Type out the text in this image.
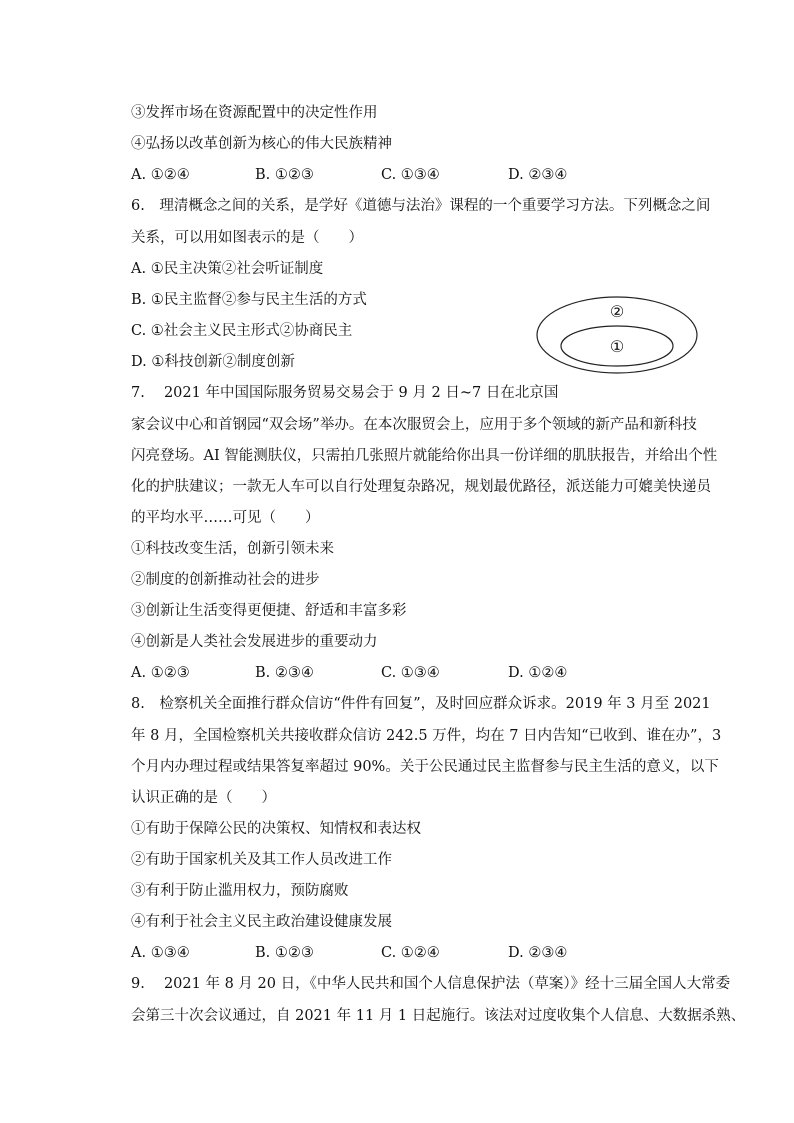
③发挥市场在资源配置中的决定性作用
④弘扬以改革创新为核心的伟大民族精神
A. ①②④	B. ①②③	C. ①③④	D. ②③④
6. 理清概念之间的关系，是学好《道德与法治》课程的一个重要学习方法。下列概念之间
关系，可以用如图表示的是（  ）
A. ①民主决策②社会听证制度
B. ①民主监督②参与民主生活的方式
C. ①社会主义民主形式②协商民主
D. ①科技创新②制度创新
②
①
7.  2021 年中国国际服务贸易交易会于 9 月 2 日~7 日在北京国
家会议中心和首钢园“双会场”举办。在本次服贸会上，应用于多个领域的新产品和新科技
闪亮登场。AI 智能测肤仪，只需拍几张照片就能给你出具一份详细的肌肤报告，并给出个性
化的护肤建议；一款无人车可以自行处理复杂路况，规划最优路径，派送能力可媲美快递员
的平均水平……可见（  ）
①科技改变生活，创新引领未来
②制度的创新推动社会的进步
③创新让生活变得更便捷、舒适和丰富多彩
④创新是人类社会发展进步的重要动力
A. ①②③	B. ②③④	C. ①③④	D. ①②④
8. 检察机关全面推行群众信访“件件有回复”，及时回应群众诉求。2019 年 3 月至 2021
年 8 月，全国检察机关共接收群众信访 242.5 万件，均在 7 日内告知“已收到、谁在办”，3
个月内办理过程或结果答复率超过 90%。关于公民通过民主监督参与民主生活的意义，以下
认识正确的是（  ）
①有助于保障公民的决策权、知情权和表达权
②有助于国家机关及其工作人员改进工作
③有利于防止滥用权力，预防腐败
④有利于社会主义民主政治建设健康发展
A. ①③④	B. ①②③	C. ①②④	D. ②③④
9.  2021 年 8 月 20 日，《中华人民共和国个人信息保护法（草案）》经十三届全国人大常委
会第三十次会议通过，自 2021 年 11 月 1 日起施行。该法对过度收集个人信息、大数据杀熟、
